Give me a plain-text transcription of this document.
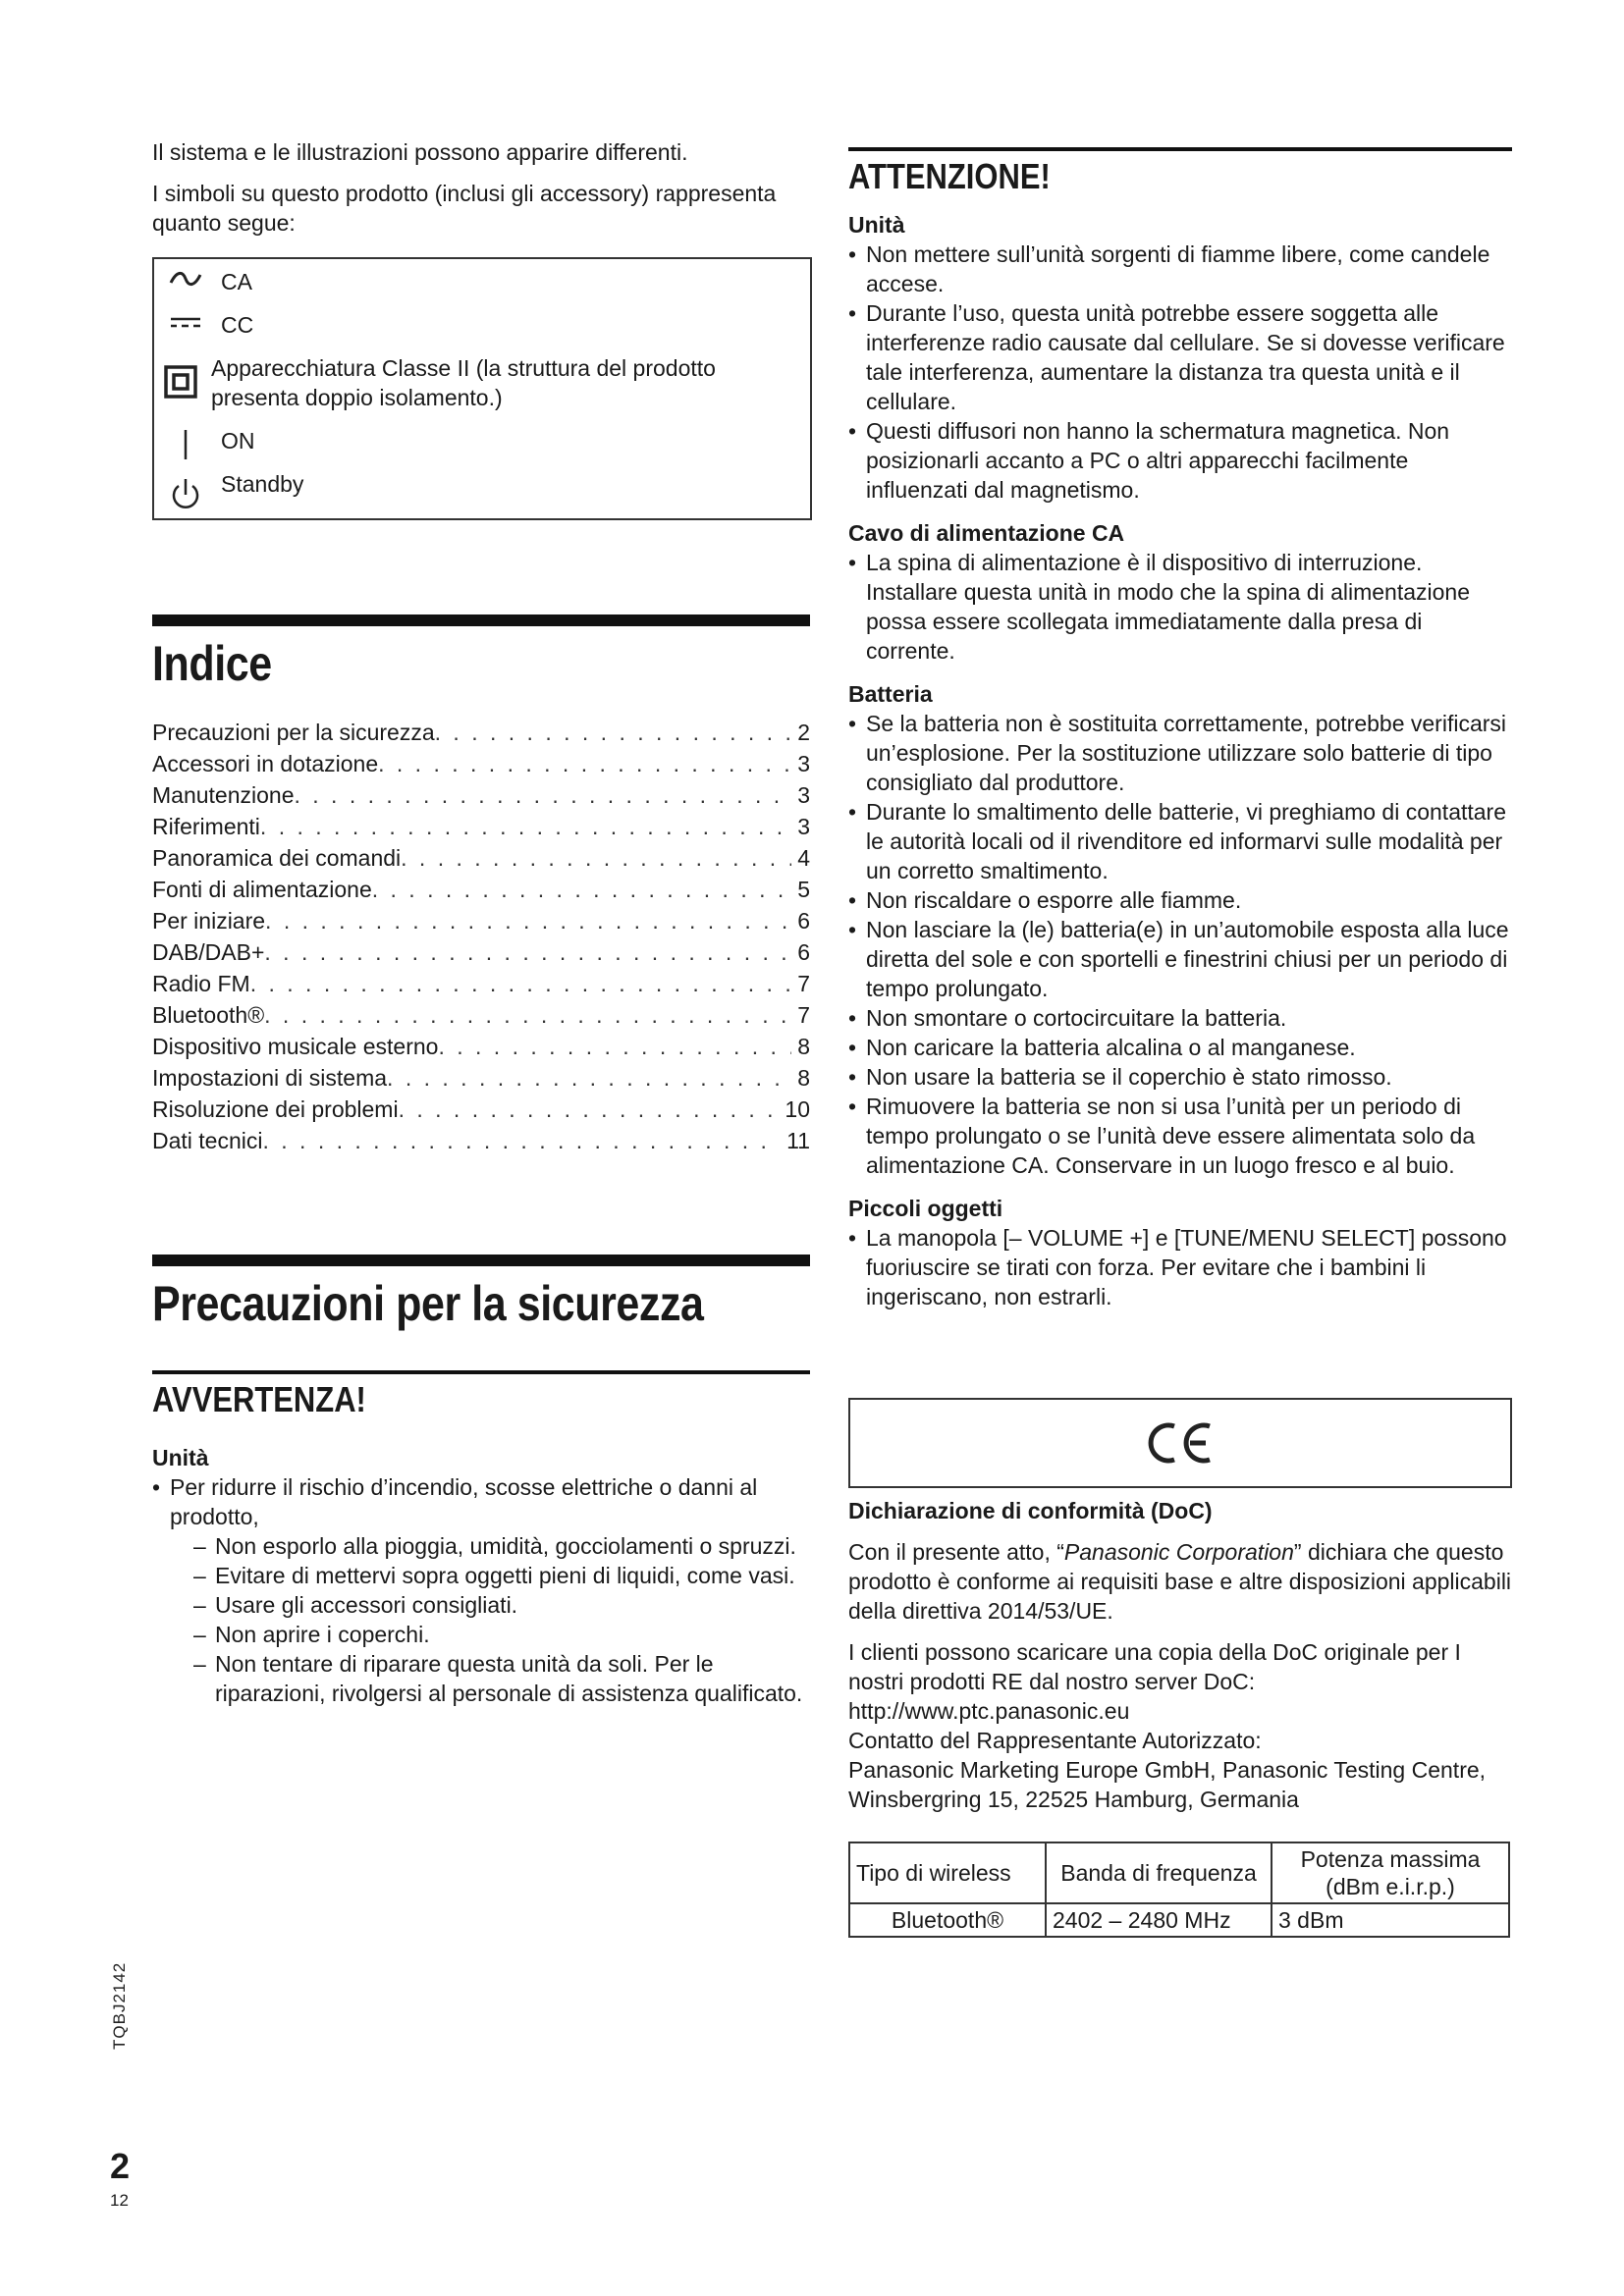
Il sistema e le illustrazioni possono apparire differenti.

I simboli su questo prodotto (inclusi gli accessory) rappresenta quanto segue:

CA
CC
Apparecchiatura Classe II (la struttura del prodotto presenta doppio isolamento.)
ON
Standby
Indice
Precauzioni per la sicurezza . . .	2
Accessori in dotazione . . .	3
Manutenzione . . .	3
Riferimenti . . .	3
Panoramica dei comandi . . .	4
Fonti di alimentazione . . .	5
Per iniziare . . .	6
DAB/DAB+ . . .	6
Radio FM . . .	7
Bluetooth® . . .	7
Dispositivo musicale esterno . . .	8
Impostazioni di sistema . . .	8
Risoluzione dei problemi . . .	10
Dati tecnici . . .	11
Precauzioni per la sicurezza
AVVERTENZA!
Unità
• Per ridurre il rischio d’incendio, scosse elettriche o danni al prodotto,
– Non esporlo alla pioggia, umidità, gocciolamenti o spruzzi.
– Evitare di mettervi sopra oggetti pieni di liquidi, come vasi.
– Usare gli accessori consigliati.
– Non aprire i coperchi.
– Non tentare di riparare questa unità da soli. Per le riparazioni, rivolgersi al personale di assistenza qualificato.
ATTENZIONE!
Unità
• Non mettere sull’unità sorgenti di fiamme libere, come candele accese.
• Durante l’uso, questa unità potrebbe essere soggetta alle interferenze radio causate dal cellulare. Se si dovesse verificare tale interferenza, aumentare la distanza tra questa unità e il cellulare.
• Questi diffusori non hanno la schermatura magnetica. Non posizionarli accanto a PC o altri apparecchi facilmente influenzati dal magnetismo.
Cavo di alimentazione CA
• La spina di alimentazione è il dispositivo di interruzione. Installare questa unità in modo che la spina di alimentazione possa essere scollegata immediatamente dalla presa di corrente.
Batteria
• Se la batteria non è sostituita correttamente, potrebbe verificarsi un’esplosione. Per la sostituzione utilizzare solo batterie di tipo consigliato dal produttore.
• Durante lo smaltimento delle batterie, vi preghiamo di contattare le autorità locali od il rivenditore ed informarvi sulle modalità per un corretto smaltimento.
• Non riscaldare o esporre alle fiamme.
• Non lasciare la (le) batteria(e) in un’automobile esposta alla luce diretta del sole e con sportelli e finestrini chiusi per un periodo di tempo prolungato.
• Non smontare o cortocircuitare la batteria.
• Non caricare la batteria alcalina o al manganese.
• Non usare la batteria se il coperchio è stato rimosso.
• Rimuovere la batteria se non si usa l’unità per un periodo di tempo prolungato o se l’unità deve essere alimentata solo da alimentazione CA. Conservare in un luogo fresco e al buio.
Piccoli oggetti
• La manopola [– VOLUME +] e [TUNE/MENU SELECT] possono fuoriuscire se tirati con forza. Per evitare che i bambini li ingeriscano, non estrarli.
Dichiarazione di conformità (DoC)

Con il presente atto, “Panasonic Corporation” dichiara che questo prodotto è conforme ai requisiti base e altre disposizioni applicabili della direttiva 2014/53/UE.

I clienti possono scaricare una copia della DoC originale per I nostri prodotti RE dal nostro server DoC:

http://www.ptc.panasonic.eu

Contatto del Rappresentante Autorizzato:

Panasonic Marketing Europe GmbH, Panasonic Testing Centre, Winsbergring 15, 22525 Hamburg, Germania

Tipo di wireless	Banda di frequenza	Potenza massima (dBm e.i.r.p.)
Bluetooth®	2402 – 2480 MHz	3 dBm
TQBJ2142
2
12
